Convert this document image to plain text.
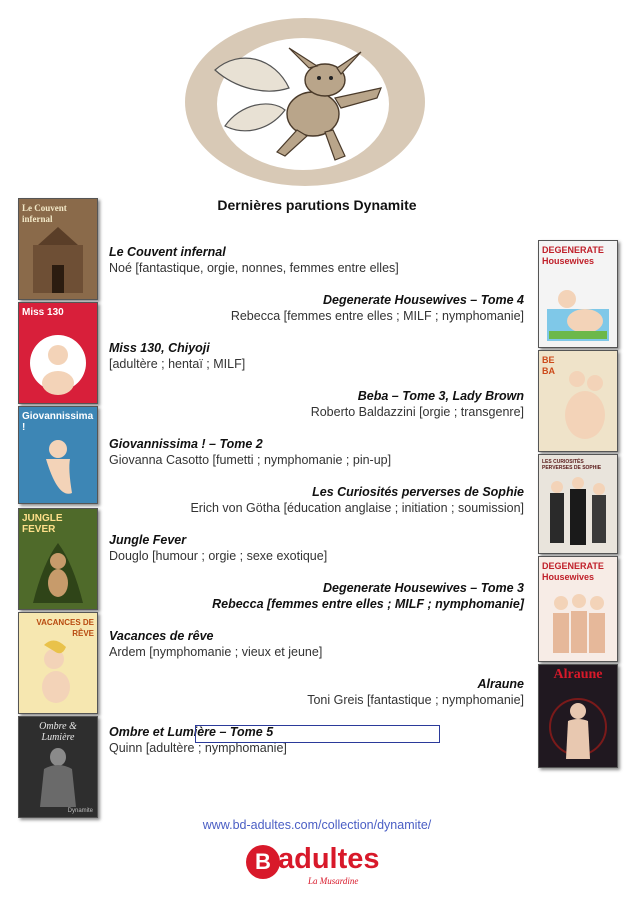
Dernières parutions Dynamite
Le Couvent infernal
Miss 130
Giovannissima !
JUNGLE FEVER
VACANCES DE RÊVE
Ombre & Lumière
Dynamite
DEGENERATE Housewives
BEBA
LES CURIOSITÉS PERVERSES DE SOPHIE
DEGENERATE Housewives
Alraune
Le Couvent infernal
Noé [fantastique, orgie, nonnes, femmes entre elles]
Degenerate Housewives – Tome 4
Rebecca [femmes entre elles ; MILF ; nymphomanie]
Miss 130, Chiyoji
[adultère ; hentaï ; MILF]
Beba – Tome 3, Lady Brown
Roberto Baldazzini [orgie ; transgenre]
Giovannissima ! – Tome 2
Giovanna Casotto [fumetti ; nymphomanie ; pin-up]
Les Curiosités perverses de Sophie
Erich von Götha [éducation anglaise ; initiation ; soumission]
Jungle Fever
Douglo [humour ; orgie ; sexe exotique]
Degenerate Housewives – Tome 3
Rebecca [femmes entre elles ; MILF ; nymphomanie]
Vacances de rêve
Ardem [nymphomanie ; vieux et jeune]
Alraune
Toni Greis [fantastique ; nymphomanie]
Ombre et Lumière – Tome 5
Quinn [adultère ; nymphomanie]
www.bd-adultes.com/collection/dynamite/
B adultes
La Musardine
